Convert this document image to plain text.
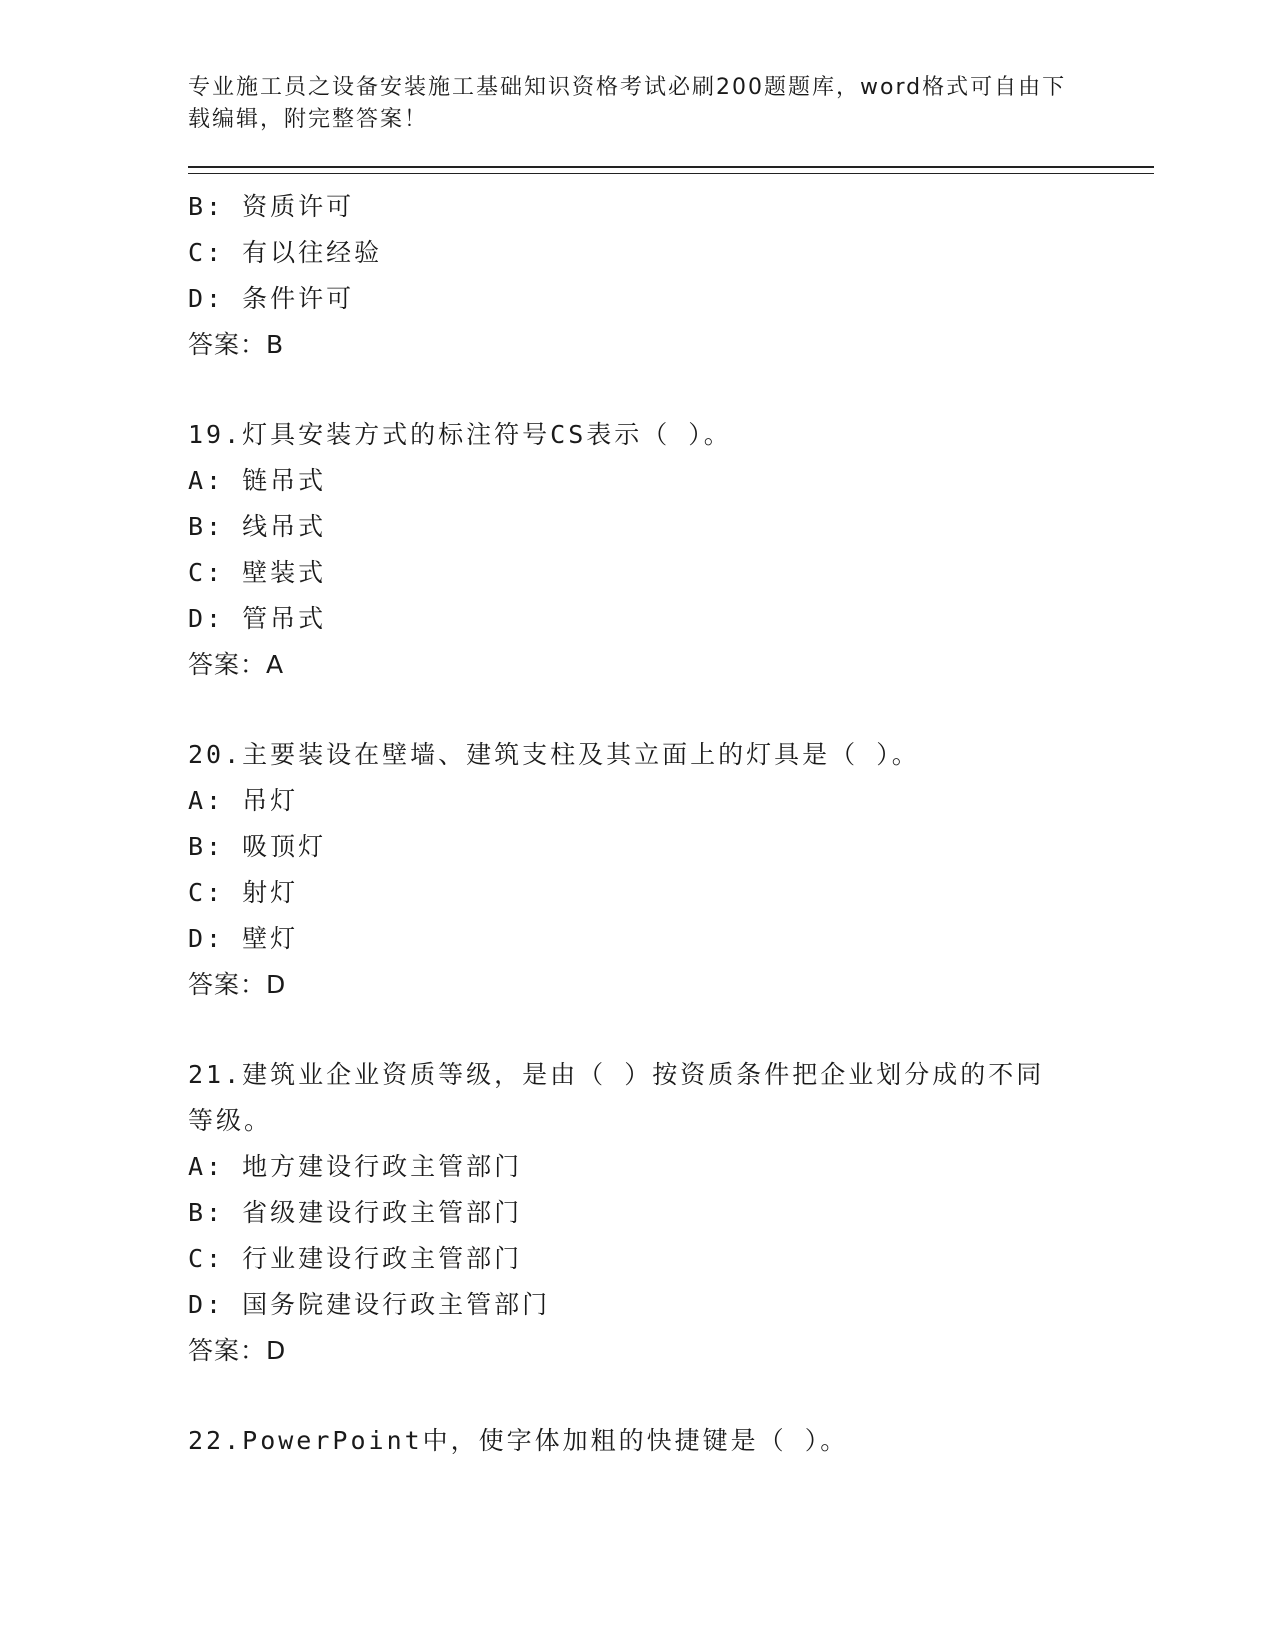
专业施工员之设备安装施工基础知识资格考试必刷200题题库，word格式可自由下载编辑，附完整答案！

B: 资质许可

C: 有以往经验

D: 条件许可

答案：B

19.灯具安装方式的标注符号CS表示（ ）。

A: 链吊式

B: 线吊式

C: 壁装式

D: 管吊式

答案：A

20.主要装设在壁墙、建筑支柱及其立面上的灯具是（ ）。

A: 吊灯

B: 吸顶灯

C: 射灯

D: 壁灯

答案：D

21.建筑业企业资质等级，是由（ ）按资质条件把企业划分成的不同等级。

A: 地方建设行政主管部门

B: 省级建设行政主管部门

C: 行业建设行政主管部门

D: 国务院建设行政主管部门

答案：D

22.PowerPoint中，使字体加粗的快捷键是（ ）。
